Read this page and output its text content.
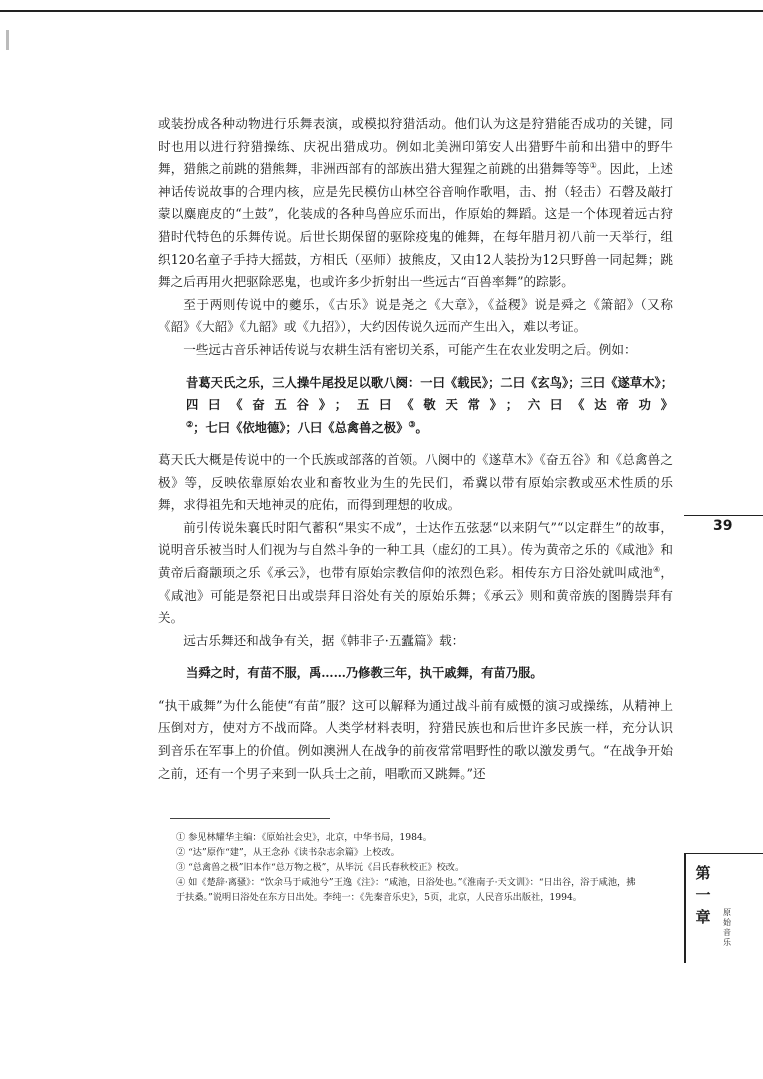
或装扮成各种动物进行乐舞表演，或模拟狩猎活动。他们认为这是狩猎能否成功的关键，同时也用以进行狩猎操练、庆祝出猎成功。例如北美洲印第安人出猎野牛前和出猎中的野牛舞，猎熊之前跳的猎熊舞，非洲西部有的部族出猎大猩猩之前跳的出猎舞等等①。因此，上述神话传说故事的合理内核，应是先民模仿山林空谷音响作歌唱，击、拊（轻击）石磬及敲打蒙以麋鹿皮的“土鼓”，化装成的各种鸟兽应乐而出，作原始的舞蹈。这是一个体现着远古狩猎时代特色的乐舞传说。后世长期保留的驱除疫鬼的傩舞，在每年腊月初八前一天举行，组织120名童子手持大摇鼓，方相氏（巫师）披熊皮，又由12人装扮为12只野兽一同起舞；跳舞之后再用火把驱除恶鬼，也或许多少折射出一些远古“百兽率舞”的踪影。

至于两则传说中的夔乐，《古乐》说是尧之《大章》，《益稷》说是舜之《箫韶》（又称《韶》《大韶》《九韶》或《九招》），大约因传说久远而产生出入，难以考证。

一些远古音乐神话传说与农耕生活有密切关系，可能产生在农业发明之后。例如：

昔葛天氏之乐，三人操牛尾投足以歌八阕：一曰《载民》；二曰《玄鸟》；三曰《遂草木》；四曰《奋五谷》；五曰《敬天常》；六曰《达帝功》②；七曰《依地德》；八曰《总禽兽之极》③。

葛天氏大概是传说中的一个氏族或部落的首领。八阕中的《遂草木》《奋五谷》和《总禽兽之极》等，反映依靠原始农业和畜牧业为生的先民们，希冀以带有原始宗教或巫术性质的乐舞，求得祖先和天地神灵的庇佑，而得到理想的收成。

前引传说朱襄氏时阳气蓄积“果实不成”，士达作五弦瑟“以来阴气”“以定群生”的故事，说明音乐被当时人们视为与自然斗争的一种工具（虚幻的工具）。传为黄帝之乐的《咸池》和黄帝后裔颛顼之乐《承云》，也带有原始宗教信仰的浓烈色彩。相传东方日浴处就叫咸池④，《咸池》可能是祭祀日出或崇拜日浴处有关的原始乐舞；《承云》则和黄帝族的图腾崇拜有关。

远古乐舞还和战争有关，据《韩非子·五蠹篇》载：

当舜之时，有苗不服，禹……乃修教三年，执干戚舞，有苗乃服。

“执干戚舞”为什么能使“有苗”服？这可以解释为通过战斗前有威慑的演习或操练，从精神上压倒对方，使对方不战而降。人类学材料表明，狩猎民族也和后世许多民族一样，充分认识到音乐在军事上的价值。例如澳洲人在战争的前夜常常唱野性的歌以激发勇气。“在战争开始之前，还有一个男子来到一队兵士之前，唱歌而又跳舞。”还

① 参见林耀华主编：《原始社会史》，北京，中华书局，1984。

② “达”原作“建”，从王念孙《读书杂志余篇》上校改。

③ “总禽兽之极”旧本作“总万物之极”，从毕沅《吕氏春秋校正》校改。

④ 如《楚辞·离骚》：“饮余马于咸池兮”王逸《注》：“咸池，日浴处也。”《淮南子·天文训》：“日出谷，浴于咸池，拂于扶桑。”说明日浴处在东方日出处。李纯一：《先秦音乐史》，5页，北京，人民音乐出版社，1994。

39
第
一
章	原
始
音
乐
